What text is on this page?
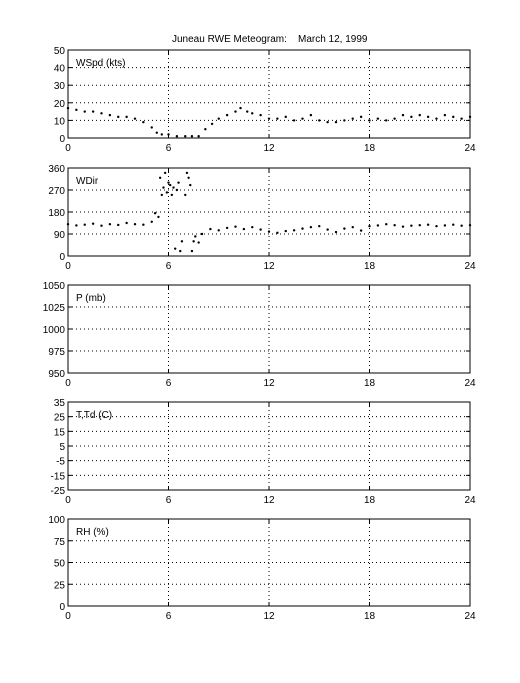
Juneau RWE Meteogram: March 12, 1999
0	6	12	18	24
0
10
20
30
40
50
WSpd (kts)
0	6	12	18	24
0
90
180
270
360
WDir
0	6	12	18	24
950
975
1000
1025
1050
P (mb)
0	6	12	18	24
-25
-15
-5
5
15
25
35
T,Td (C)
0	6	12	18	24
0
25
50
75
100
RH (%)
